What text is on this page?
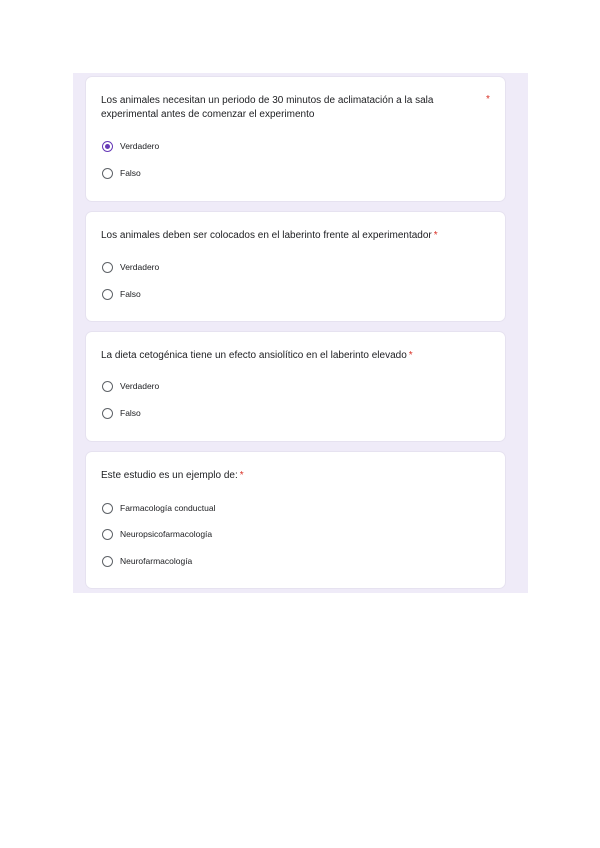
Los animales necesitan un periodo de 30 minutos de aclimatación a la sala
experimental antes de comenzar el experimento
*
Verdadero
Falso
Los animales deben ser colocados en el laberinto frente al experimentador *
Verdadero
Falso
La dieta cetogénica tiene un efecto ansiolítico en el laberinto elevado *
Verdadero
Falso
Este estudio es un ejemplo de: *
Farmacología conductual
Neuropsicofarmacología
Neurofarmacología
